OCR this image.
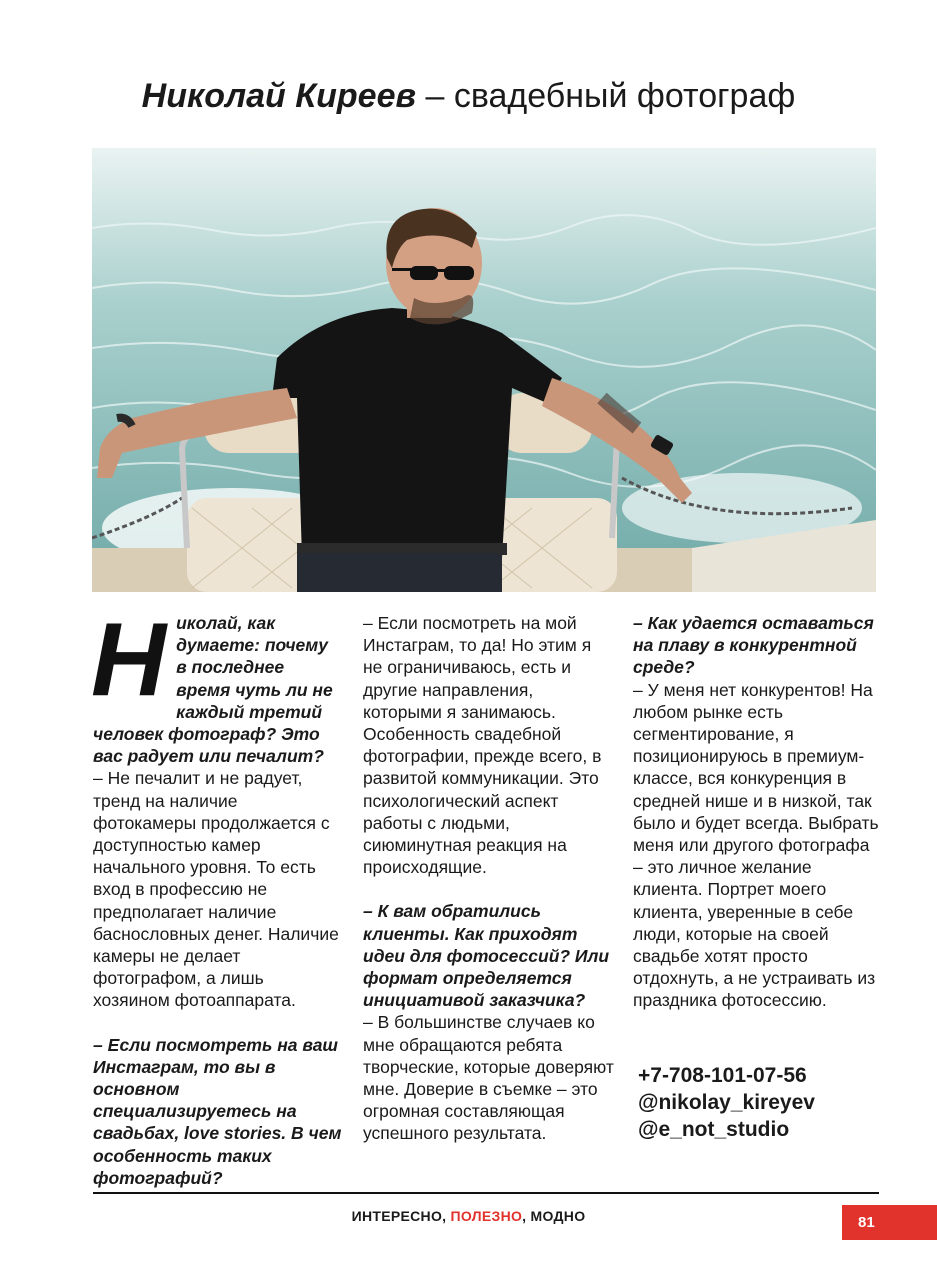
Николай Киреев – свадебный фотограф
Н иколай, как думаете: почему в последнее время чуть ли не каждый третий человек фотограф? Это вас радует или печалит?

– Не печалит и не радует, тренд на наличие фотокамеры продолжается с доступностью камер начального уровня. То есть вход в профессию не предполагает наличие баснословных денег. Наличие камеры не делает фотографом, а лишь хозяином фотоаппарата.

– Если посмотреть на ваш Инстаграм, то вы в основном специализируетесь на свадьбах, love stories. В чем особенность таких фотографий?

– Если посмотреть на мой Инстаграм, то да! Но этим я не ограничиваюсь, есть и другие направления, которыми я занимаюсь. Особенность свадебной фотографии, прежде всего, в развитой коммуникации. Это психологический аспект работы с людьми, сиюминутная реакция на происходящие.

– К вам обратились клиенты. Как приходят идеи для фотосессий? Или формат определяется инициативой заказчика?

– В большинстве случаев ко мне обращаются ребята творческие, которые доверяют мне. Доверие в съемке – это огромная составляющая успешного результата.

– Как удается оставаться на плаву в конкурентной среде?

– У меня нет конкурентов! На любом рынке есть сегментирование, я позиционируюсь в премиум-классе, вся конкуренция в средней нише и в низкой, так было и будет всегда. Выбрать меня или другого фотографа – это личное желание клиента. Портрет моего клиента, уверенные в себе люди, которые на своей свадьбе хотят просто отдохнуть, а не устраивать из праздника фотосессию.

+7-708-101-07-56
@nikolay_kireyev
@e_not_studio
ИНТЕРЕСНО, ПОЛЕЗНО, МОДНО	81
